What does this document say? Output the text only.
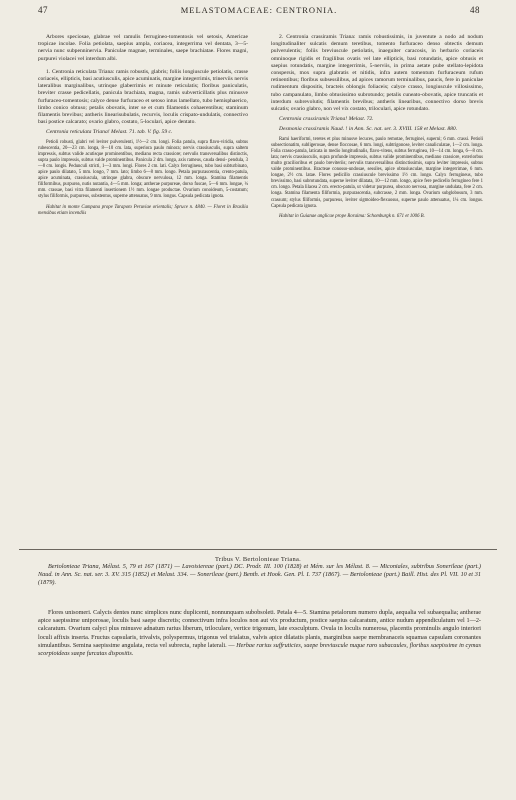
47	MELASTOMACEAE: CENTRONIA.	48

Arbores speciosae, glabrae vel ramulis ferrugineo-tomentosis vel setosis, Americae tropicae incolae. Folia petiolata, saepius ampla, coriacea, integerrima vel dentata, 3—5-nervia nunc subpenninervia. Paniculae magnae, terminales, saepe brachiatae. Flores magni, purpurei violacei vel interdum albi.

1. Centronia reticulata Triana: ramis robustis, glabris; foliis longiuscule petiolatis, crasse coriaceis, ellipticis, basi acutiusculis, apice acuminatis, margine integerrimis, trinerviis nervis lateralibus marginalibus, utrinque glaberrimis et minute reticulatis; floribus paniculatis, breviter crasse pedicellatis, panicula brachiata, magna, ramis subverticillatis plus minusve furfuraceo-tomentosis; calyce dense furfuraceo et setoso intus lamellato, tubo hemisphaerico, limbo conico obtuso; petalis obovatis, inter se et cum filamentis cohaerentibus; staminum filamentis brevibus; antheris linearisubulatis, recurvis, loculis crispato-undulatis, connectivo basi postice calcarato; ovario glabro, costato, 5-loculari, apice dentato.

Centronia reticulata Triana! Melast. 71. tab. V. fig. 59 c.

Petioli robusti, glabri vel leviter pulverulenti, 1½—2 cm. longi. Folia patula, supra flavo-viridia, subtus rubescentia, 20—23 cm. longa, 8—10 cm. lata, superiora paulo minora; nervis crassiusculis, supra saltem impressis, subtus valide acutisque prominentibus, medianu recta crassiore; nervulis transversalibus distinctis, supra paulo impressis, subtus valde prominentibus. Panicula 2 dm. longa, axis rameus, cauda densi- pendula, 3—8 cm. longis. Pedunculi stricti, 1—3 mm. longi. Flores 2 cm. lati. Calyx ferrugineus, tubo basi subturbinato, apice paulo dilatato, 5 mm. longo, 7 mm. lato; limbo 6—8 mm. longo. Petala purpurascentia, crento-patula, apice acuminata, crassiuscula, utrinque glabra, obscure nervulosa, 12 mm. longa. Stamina filamentis filiformibus, purpurea, nutis nutantia, 4—5 mm. longa; antherae purpureae, dorso fuscae, 5—6 mm. longae, ¼ mm. crassae, basi vitra filamenti insertionem 1½ mm. longae productae. Ovarium conoideum, 5-costatum; stylus filiformis, purpureus, substentus, superne attenuatus, 9 mm. longus. Capsula pedicata ignota.

Habitat in monte Campana prope Tarapoto Peruviae orientalis; Spruce n. 4840. — Floret in Brasilia mensibus etiam incendiis

2. Centronia crassiramis Triana: ramis robustissimis, in juventute a nodo ad nodum longitudinaliter sulcatis demum teretibus, tomento furfuraceo denso obtectis demum pulverulentis; foliis breviuscule petiolatis, inaeguiter caracosis, in herbario coriaceis omninoque rigidis et fragilibus ovatis vel late ellipticis, basi rotundatis, apice obtusis et saepius rotundatis, margine integerrimis, 5-nerviis, in prima aetate pube stellato-lepidota conspersis, mox supra glabratis et nitidis, infra autem tomentum furfuraceum rufum retinentibus; floribus subsessilibus, ad apices ramorum terminalibus, paucis, fere in paniculae rudimentum dispositis, bracteis oblongis foliaceis; calyce crasso, longiuscule villosissimo, tubo campanulato, limbo obtusissimo subrotundo; petalis cuneato-obovatis, apice truncatis et interdum subrevolutis; filamentis brevibus; antheris linearibus, connectivo dorso brevis sulcatis; ovario glabro, non vel vix costato, triloculari, apice rotundato.

Centronia crassiramis Triana! Melast. 72.

Desmonia crassiramis Naud. ! in Ann. Sc. nat. ser. 3. XVIII. 158 et Melast. 880.

Rami haeriformi, teretes et plus minusve lecuces, paulo remotae, ferruginei, superni; 6 mm. crassi. Petioli subsectionatim, subligerosae, dense floccosae, 6 mm. longi, subtrigonose, leviter canaliculatae, 1—2 cm. longa. Folia crasso-patula, laticata in medio longitudinalis, flavo-vitens, subtus ferruginea, 10—14 cm. longa, 6—8 cm. lata; nervis crassiusculis, supra profunde impressis, subtus valide prominentibus, mediano crassiore, exteriorbus multo gracilioribus et paulo breviteriis; nervulis transversalibus distinctissimis, supra leviter impressis, subtus valde prominentibus. Bracteae conosso-undosae, sessiles, apice obtusiusculae, margine integerrimae, 6 mm. longae, 2½ cm. latae. Flores pedicillo crassiuscule brevissimo 1½ cm. longo. Calyx ferrugineus, tubo brevissimo, basi subrotundata, superne leviter dilatata, 10—12 mm. longo, apice fere pedicello ferrugineo fere 1 cm. longo. Petala lilacea 2 cm. erecto-patula, ut videtur purpurea, obscuro nervosa, margine undulata, fere 2 cm. longa. Stamina filamenta filiformia, purpurascentia, subcrasse, 2 mm. longa. Ovarium subglobosum, 3 mm. crassum; stylus filiformis, purpureus, leviter sigmoideo-flexuosus, superne paulo attenuatus, 1¼ cm. longus. Capsula pedicata ignota.

Habitat in Guianae anglicae prope Roraima: Schomburgk n. 671 et 1006 B.

Tribus V. Bertolonieae Triana.

Bertolonieae Triana, Mélast. 5, 79 et 167 (1871) — Lavoisiereae (part.) DC. Prodr. III. 100 (1828) et Mém. sur les Mélast. 8. — Miconiales, subtribus Sonerileae (part.) Naud. in Ann. Sc. nat. ser. 3. XV. 315 (1852) et Melast. 334. — Sonerileae (part.) Benth. et Hook. Gen. Pl. I. 737 (1867). — Bertolonieae (part.) Baill. Hist. des Pl. VII. 10 et 31 (1879).

Flores unisomeri. Calycis dentes nunc simplices nunc duplicenti, nonnunquam subobsoleti. Petala 4—5. Stamina petalorum numero dupla, aequalia vel subaequalia; antherae apice saepissime uniporosae, loculis basi saepe discretis; connectivum infra loculos non aut vix productum, postice saepius calcaratum, antice nudum appendiculatum vel 1—2-calcaratum. Ovarium calyci plus minusve adnatum rarius liberum, triloculare, vertice trigonum, late exsculptum. Ovula in loculis numerosa, placentis prominulis angulo interiori loculi affixis inserta. Fructus capsularis, trivalvis, polyspermus, trigonus vel trialatus, valvis apice dilatatis planis, marginibus saepe membranaceis squamas capsulam coronantes simulantibus. Semina saepissime angulata, recta vel subrecta, raphe laterali. — Herbae rarius suffruticies, saepe breviuscule nuque raro subacaules, floribus saepissime in cymas scorpioideas saepe furcatas dispositis.
